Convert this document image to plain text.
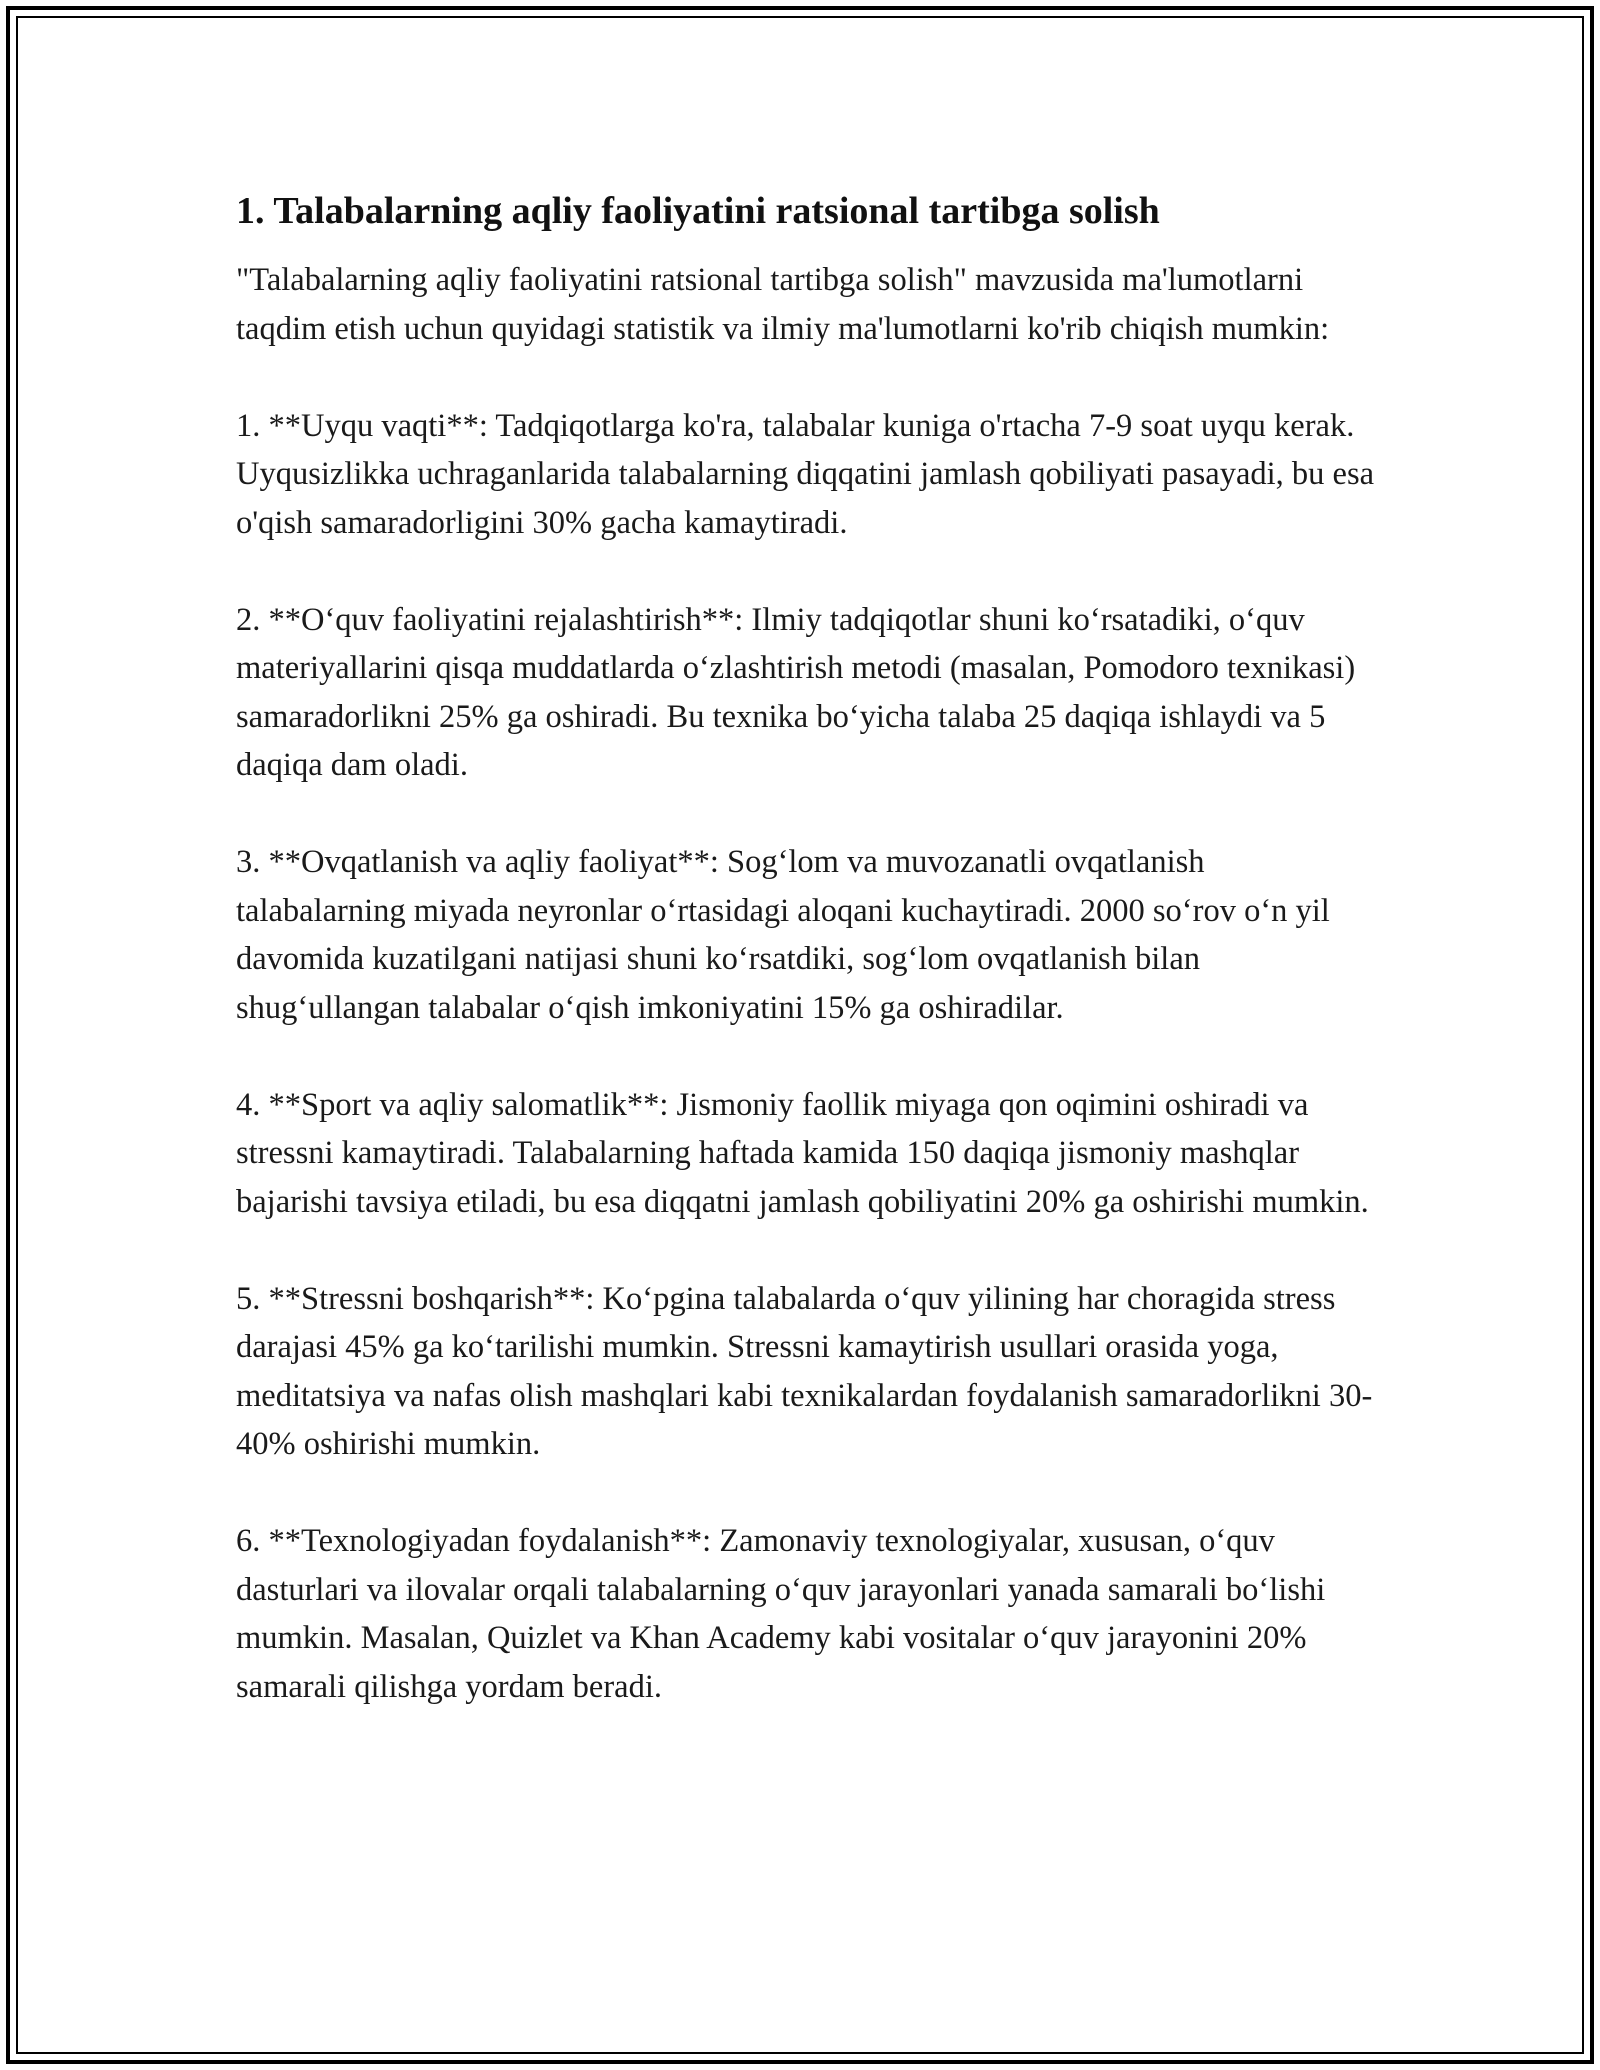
1. Talabalarning aqliy faoliyatini ratsional tartibga solish

"Talabalarning aqliy faoliyatini ratsional tartibga solish" mavzusida ma'lumotlarni taqdim etish uchun quyidagi statistik va ilmiy ma'lumotlarni ko'rib chiqish mumkin:

1. **Uyqu vaqti**: Tadqiqotlarga ko'ra, talabalar kuniga o'rtacha 7-9 soat uyqu kerak. Uyqusizlikka uchraganlarida talabalarning diqqatini jamlash qobiliyati pasayadi, bu esa o'qish samaradorligini 30% gacha kamaytiradi.

2. **O‘quv faoliyatini rejalashtirish**: Ilmiy tadqiqotlar shuni ko‘rsatadiki, o‘quv materiyallarini qisqa muddatlarda o‘zlashtirish metodi (masalan, Pomodoro texnikasi) samaradorlikni 25% ga oshiradi. Bu texnika bo‘yicha talaba 25 daqiqa ishlaydi va 5 daqiqa dam oladi.

3. **Ovqatlanish va aqliy faoliyat**: Sog‘lom va muvozanatli ovqatlanish talabalarning miyada neyronlar o‘rtasidagi aloqani kuchaytiradi. 2000 so‘rov o‘n yil davomida kuzatilgani natijasi shuni ko‘rsatdiki, sog‘lom ovqatlanish bilan shug‘ullangan talabalar o‘qish imkoniyatini 15% ga oshiradilar.

4. **Sport va aqliy salomatlik**: Jismoniy faollik miyaga qon oqimini oshiradi va stressni kamaytiradi. Talabalarning haftada kamida 150 daqiqa jismoniy mashqlar bajarishi tavsiya etiladi, bu esa diqqatni jamlash qobiliyatini 20% ga oshirishi mumkin.

5. **Stressni boshqarish**: Ko‘pgina talabalarda o‘quv yilining har choragida stress darajasi 45% ga ko‘tarilishi mumkin. Stressni kamaytirish usullari orasida yoga, meditatsiya va nafas olish mashqlari kabi texnikalardan foydalanish samaradorlikni 30-40% oshirishi mumkin.

6. **Texnologiyadan foydalanish**: Zamonaviy texnologiyalar, xususan, o‘quv dasturlari va ilovalar orqali talabalarning o‘quv jarayonlari yanada samarali bo‘lishi mumkin. Masalan, Quizlet va Khan Academy kabi vositalar o‘quv jarayonini 20% samarali qilishga yordam beradi.
